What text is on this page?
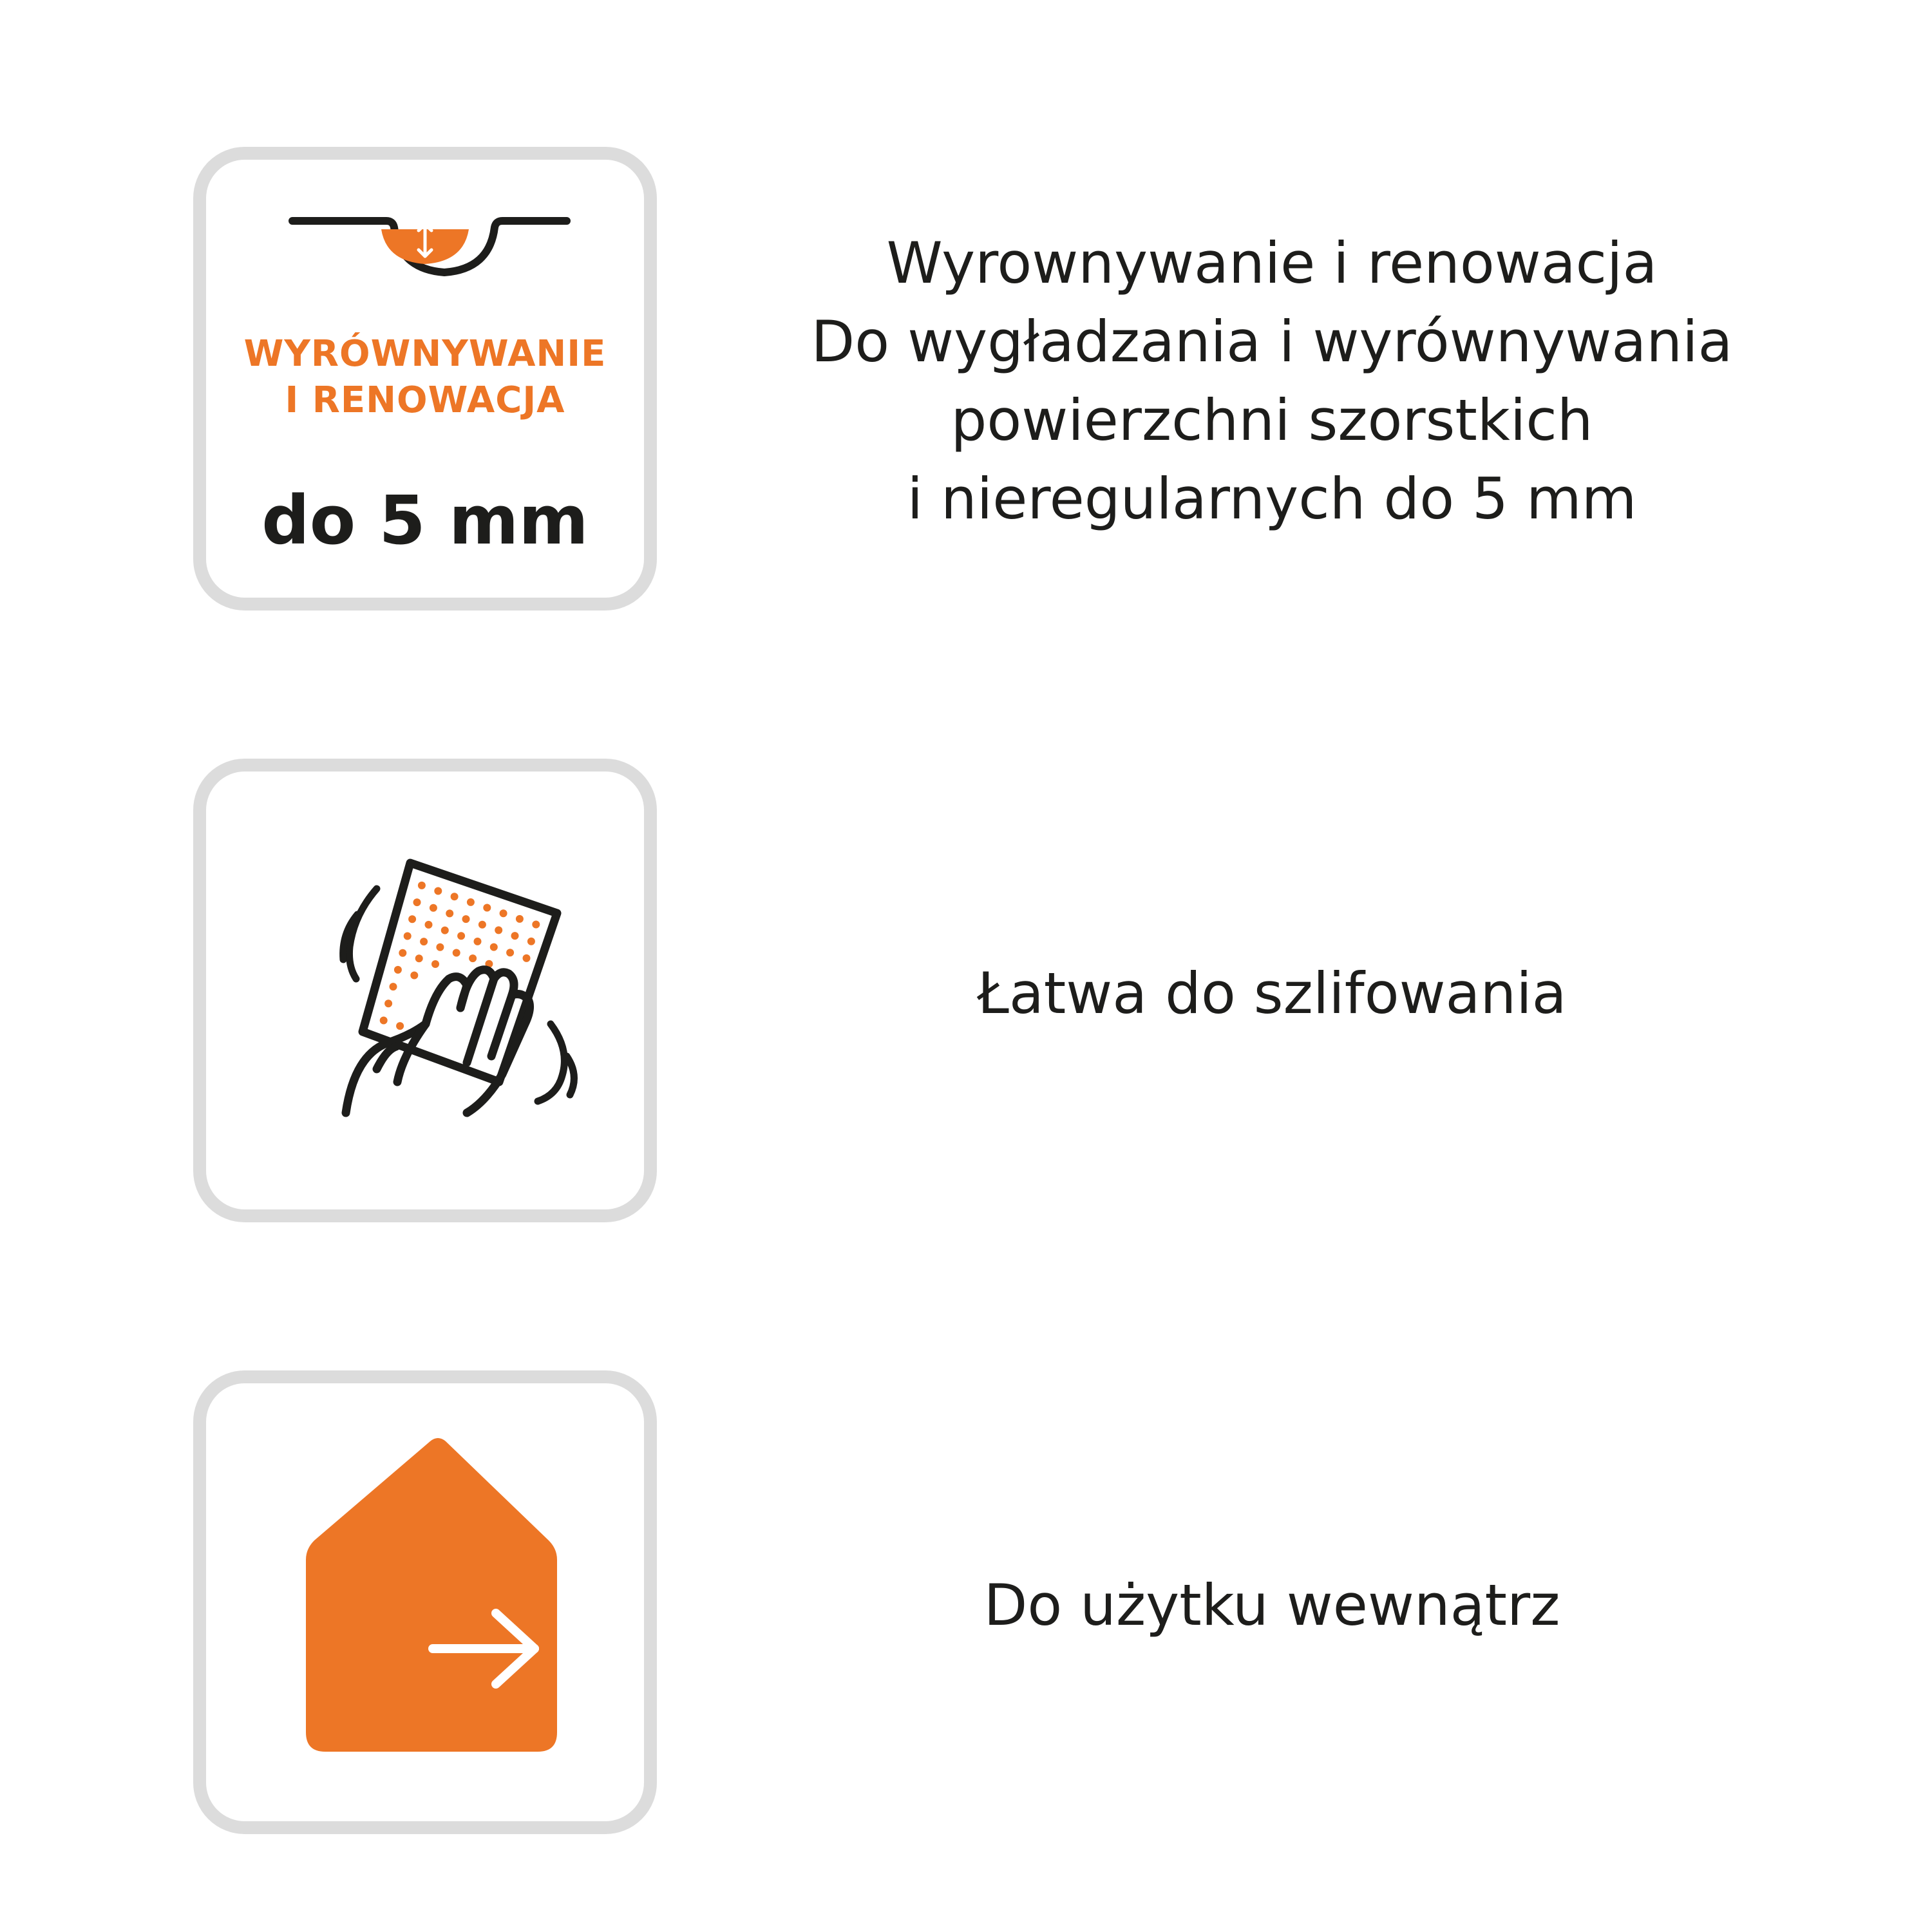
WYRÓWNYWANIE
I RENOWACJA
do 5 mm
Wyrownywanie i renowacja
Do wygładzania i wyrównywania
powierzchni szorstkich
i nieregularnych do 5 mm
Łatwa do szlifowania
Do użytku wewnątrz
